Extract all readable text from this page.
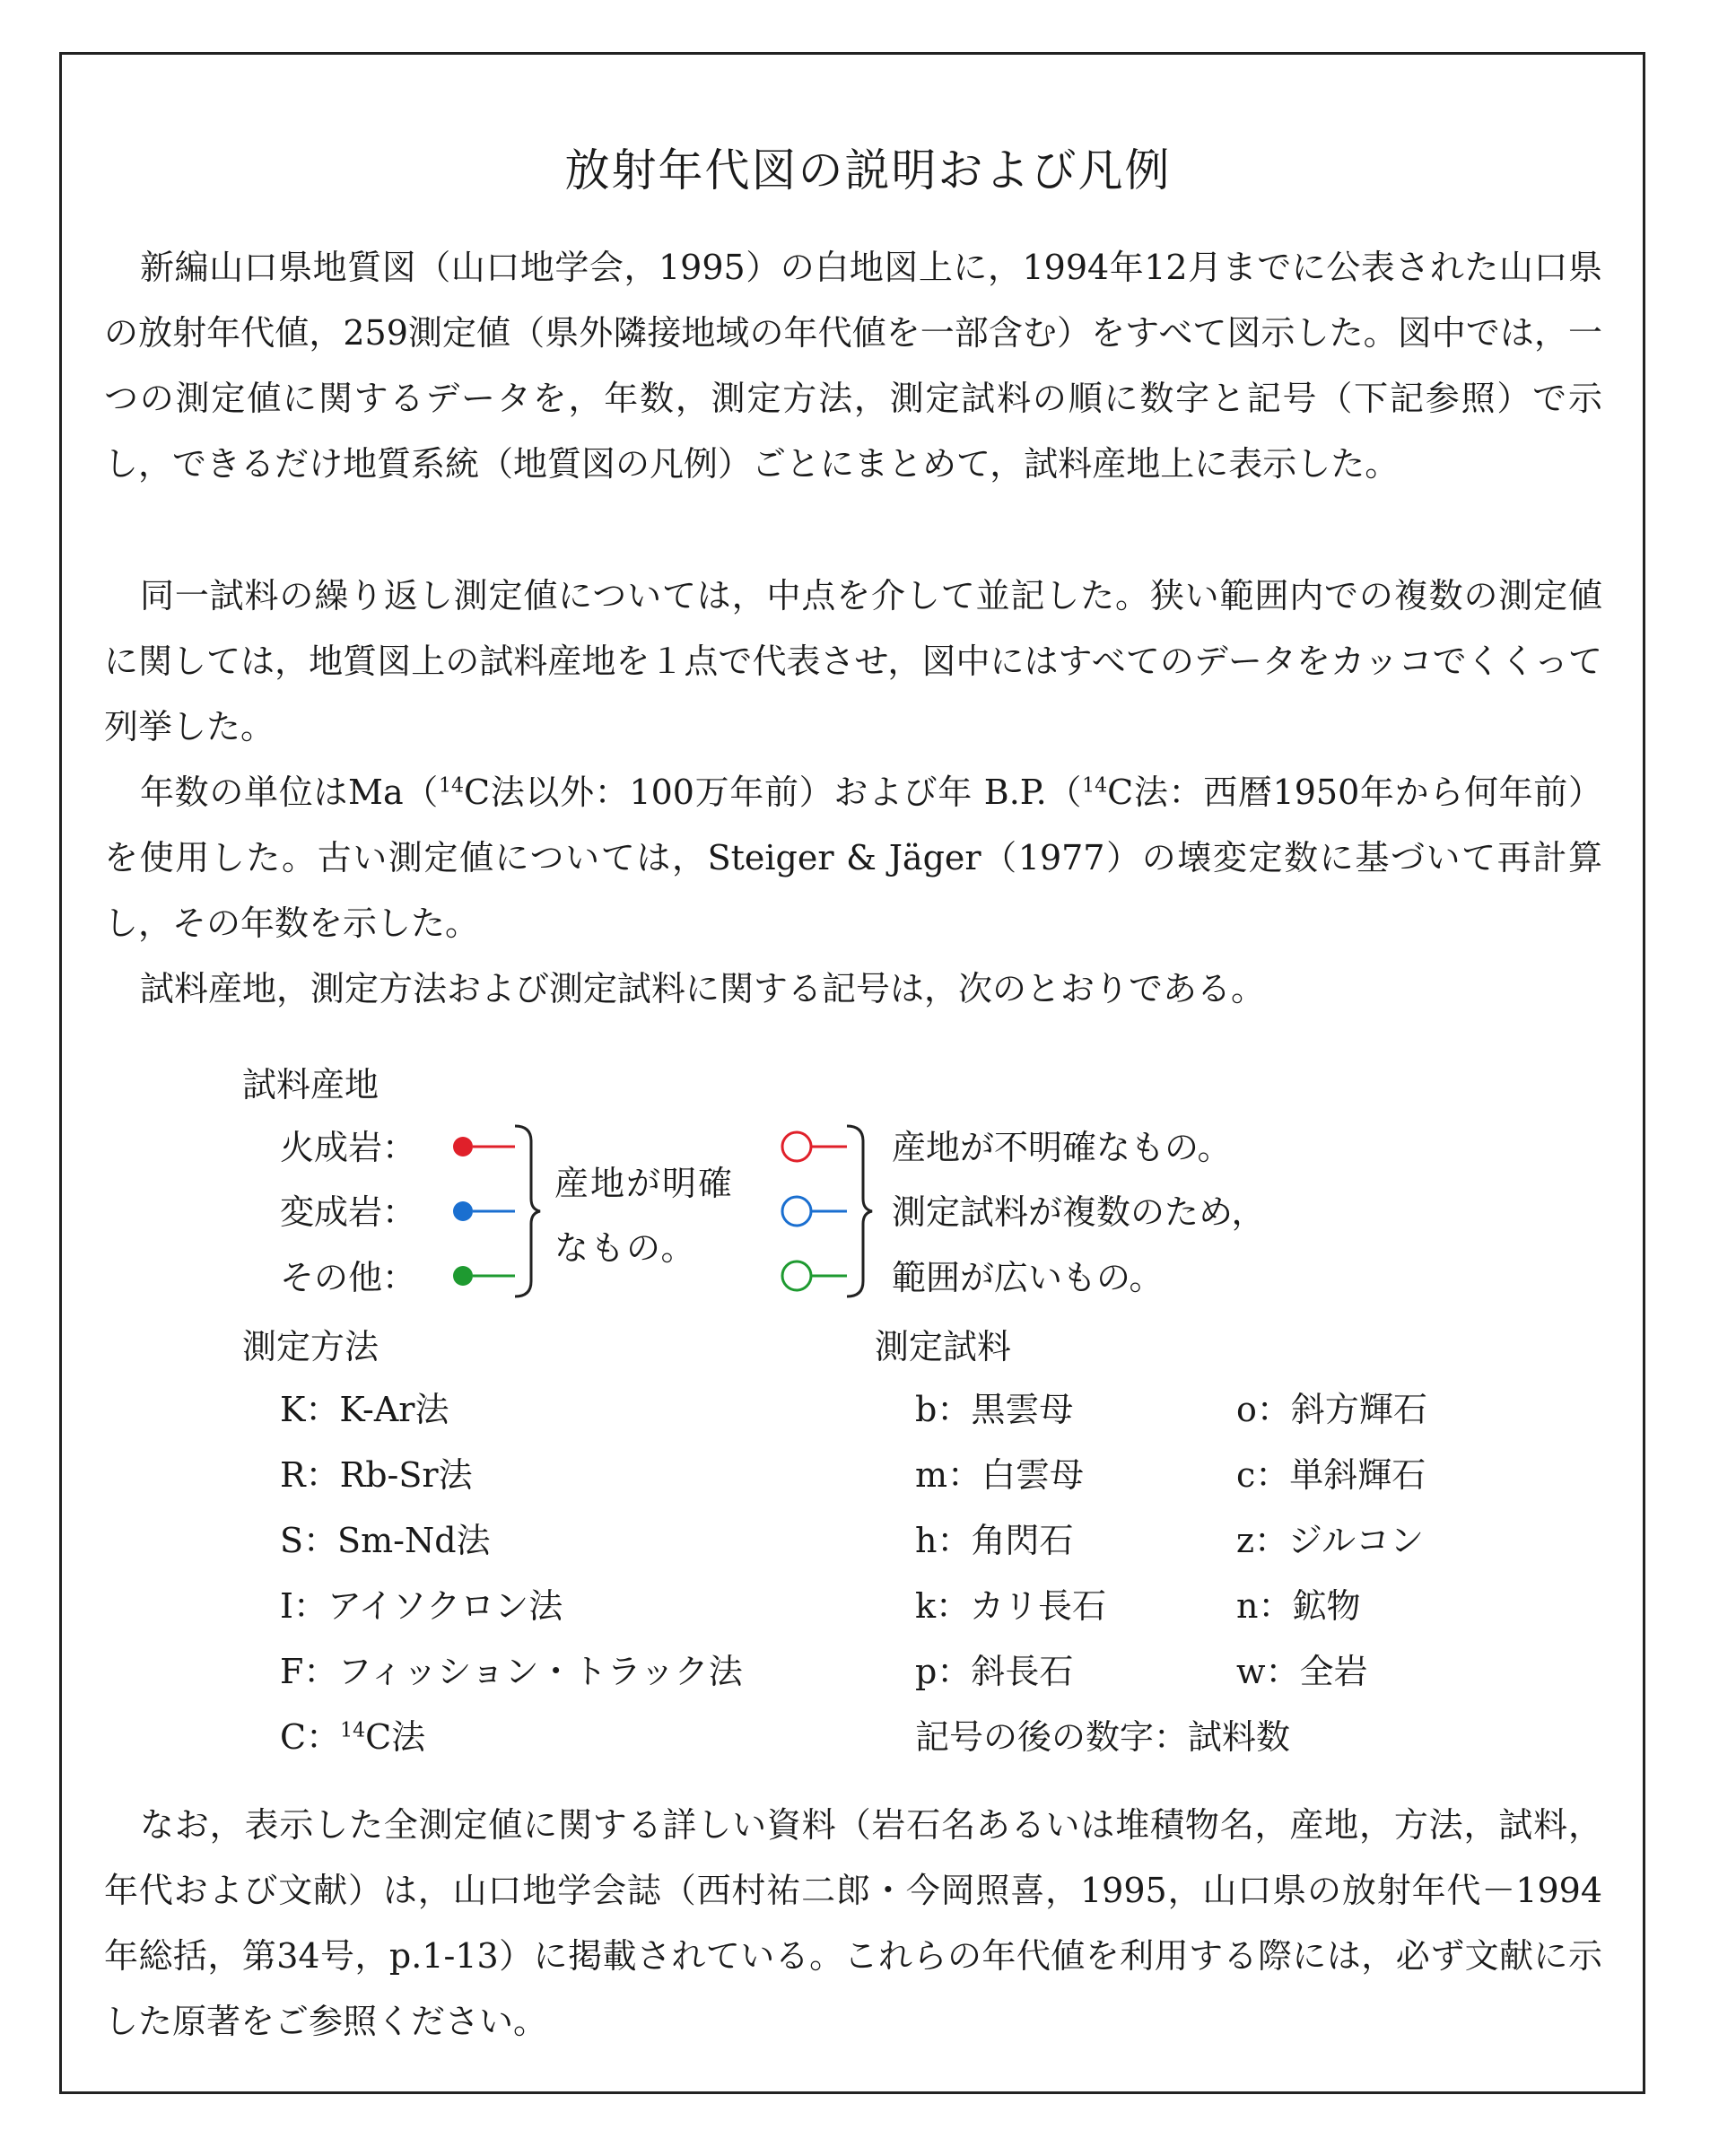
放射年代図の説明および凡例

新編山口県地質図（山口地学会，1995）の白地図上に，1994年12月までに公表された山口県の放射年代値，259測定値（県外隣接地域の年代値を一部含む）をすべて図示した。図中では，一つの測定値に関するデータを，年数，測定方法，測定試料の順に数字と記号（下記参照）で示し，できるだけ地質系統（地質図の凡例）ごとにまとめて，試料産地上に表示した。

同一試料の繰り返し測定値については，中点を介して並記した。狭い範囲内での複数の測定値に関しては，地質図上の試料産地を１点で代表させ，図中にはすべてのデータをカッコでくくって列挙した。

年数の単位はMa（$^{14}$C法以外：100万年前）および年 B.P.（$^{14}$C法：西暦1950年から何年前）を使用した。古い測定値については，Steiger & Jäger（1977）の壊変定数に基づいて再計算し，その年数を示した。

試料産地，測定方法および測定試料に関する記号は，次のとおりである。

試料産地
火成岩：
変成岩：
その他：
産地が明確
なもの。
産地が不明確なもの。
測定試料が複数のため，
範囲が広いもの。
測定方法
K：K-Ar法
R：Rb-Sr法
S：Sm-Nd法
I：アイソクロン法
F：フィッション・トラック法
C：$^{14}$C法
測定試料
b：黒雲母
m：白雲母
h：角閃石
k：カリ長石
p：斜長石
記号の後の数字：試料数
o：斜方輝石
c：単斜輝石
z：ジルコン
n：鉱物
w：全岩

なお，表示した全測定値に関する詳しい資料（岩石名あるいは堆積物名，産地，方法，試料，年代および文献）は，山口地学会誌（西村祐二郎・今岡照喜，1995，山口県の放射年代－1994年総括，第34号，p.1-13）に掲載されている。これらの年代値を利用する際には，必ず文献に示した原著をご参照ください。
